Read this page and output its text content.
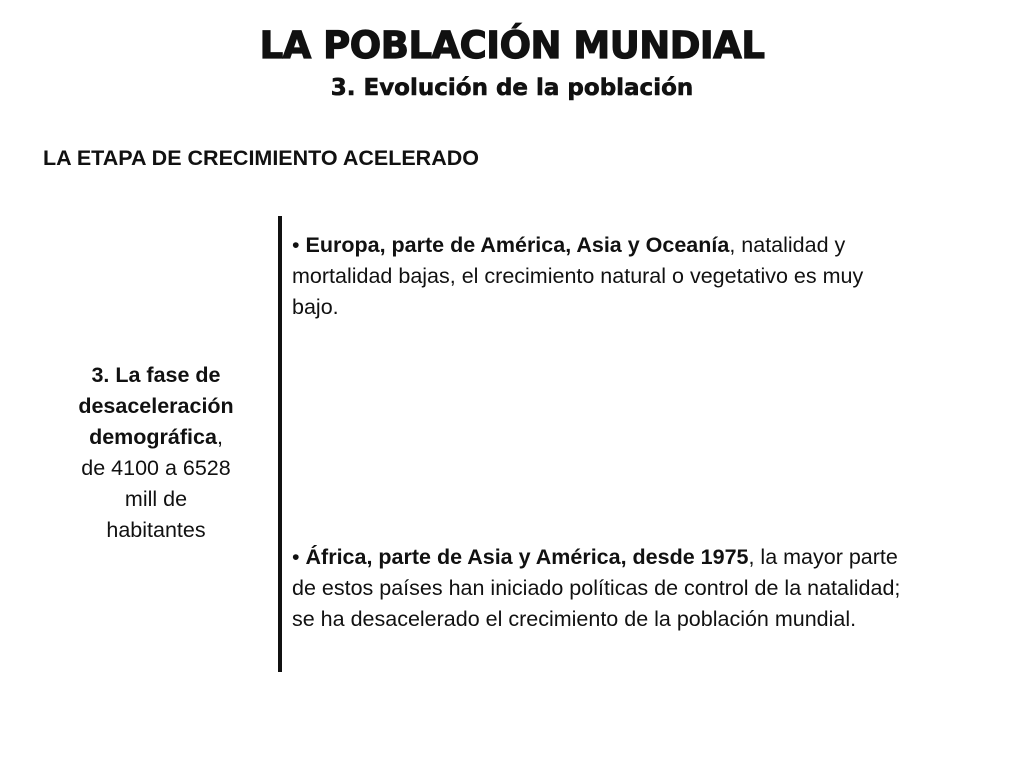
LA POBLACIÓN MUNDIAL
3. Evolución de la población
LA ETAPA DE CRECIMIENTO ACELERADO
3. La fase de
desaceleración
demográfica,
de 4100 a 6528
mill de
habitantes
• Europa, parte de América, Asia y Oceanía, natalidad y mortalidad bajas, el crecimiento natural o vegetativo es muy bajo.
• África, parte de Asia y América, desde 1975, la mayor parte de estos países han iniciado políticas de control de la natalidad; se ha desacelerado el crecimiento de la población mundial.
